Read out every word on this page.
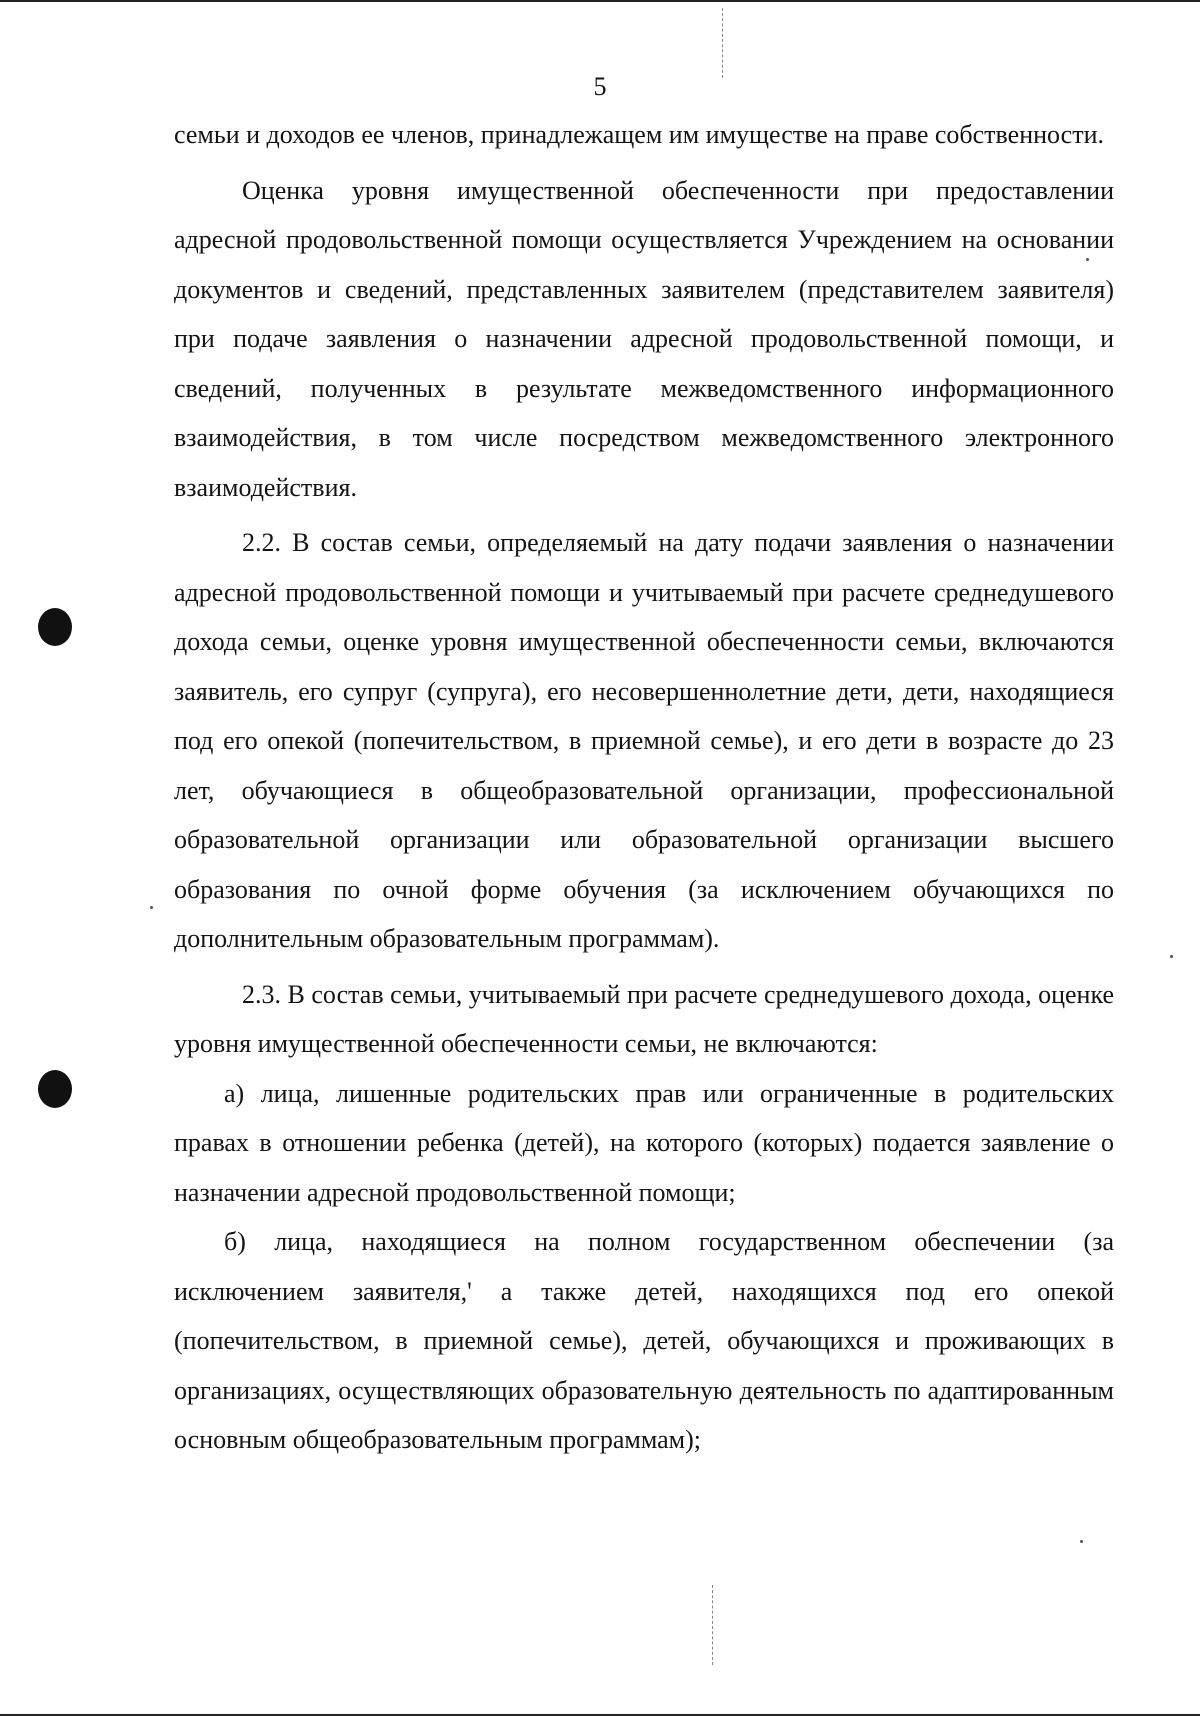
5

семьи и доходов ее членов, принадлежащем им имуществе на праве собственности.

Оценка уровня имущественной обеспеченности при предоставлении адресной продовольственной помощи осуществляется Учреждением на основании документов и сведений, представленных заявителем (представителем заявителя) при подаче заявления о назначении адресной продовольственной помощи, и сведений, полученных в результате межведомственного информационного взаимодействия, в том числе посредством межведомственного электронного взаимодействия.

2.2. В состав семьи, определяемый на дату подачи заявления о назначении адресной продовольственной помощи и учитываемый при расчете среднедушевого дохода семьи, оценке уровня имущественной обеспеченности семьи, включаются заявитель, его супруг (супруга), его несовершеннолетние дети, дети, находящиеся под его опекой (попечительством, в приемной семье), и его дети в возрасте до 23 лет, обучающиеся в общеобразовательной организации, профессиональной образовательной организации или образовательной организации высшего образования по очной форме обучения (за исключением обучающихся по дополнительным образовательным программам).

2.3. В состав семьи, учитываемый при расчете среднедушевого дохода, оценке уровня имущественной обеспеченности семьи, не включаются:

а) лица, лишенные родительских прав или ограниченные в родительских правах в отношении ребенка (детей), на которого (которых) подается заявление о назначении адресной продовольственной помощи;

б) лица, находящиеся на полном государственном обеспечении (за исключением заявителя,' а также детей, находящихся под его опекой (попечительством, в приемной семье), детей, обучающихся и проживающих в организациях, осуществляющих образовательную деятельность по адаптированным основным общеобразовательным программам);
